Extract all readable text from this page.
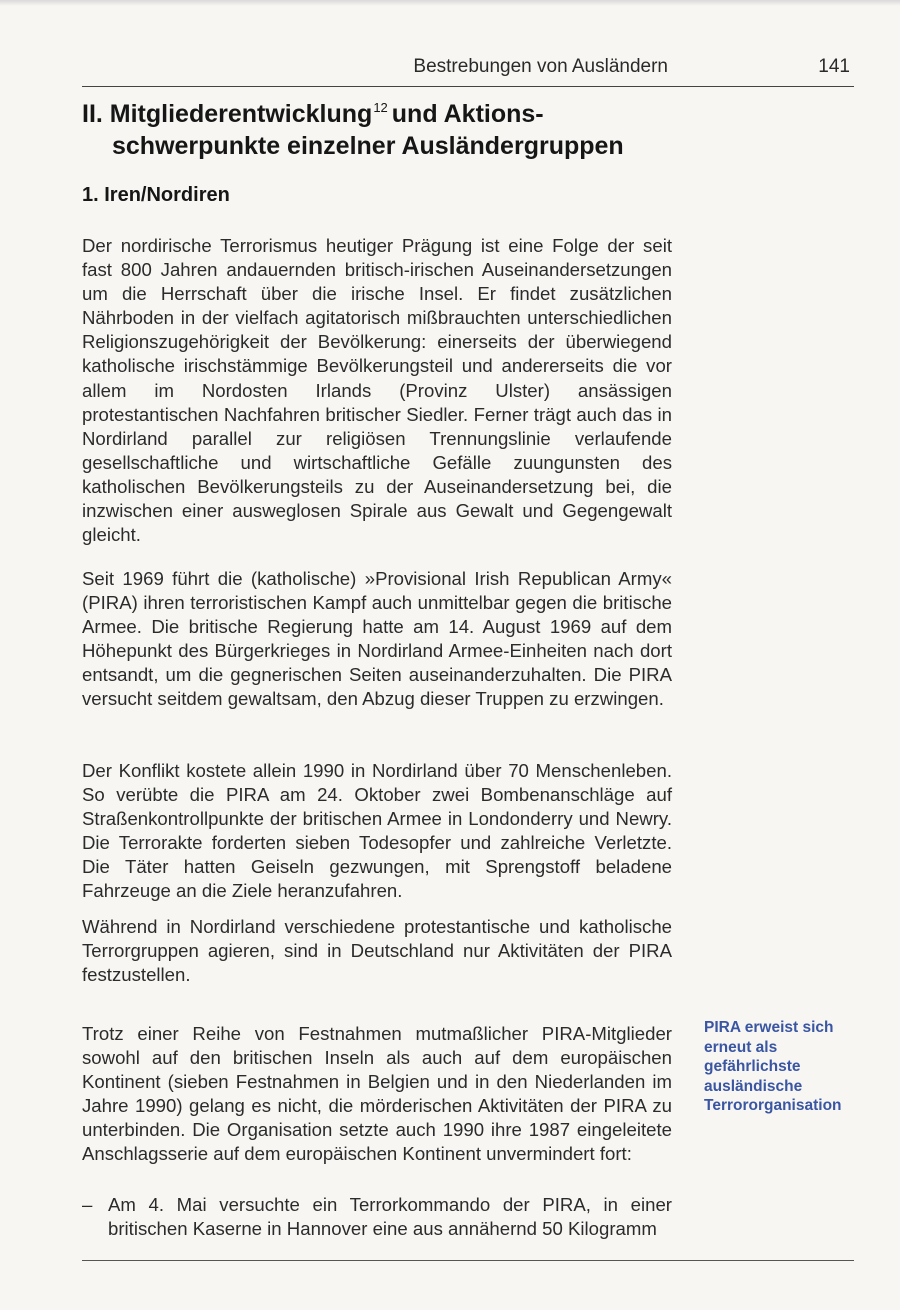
Bestrebungen von Ausländern	141
II. Mitgliederentwicklung$^{12}$ und Aktions-
schwerpunkte einzelner Ausländergruppen
1. Iren/Nordiren

Der nordirische Terrorismus heutiger Prägung ist eine Folge der seit fast 800 Jahren andauernden britisch-irischen Auseinandersetzungen um die Herrschaft über die irische Insel. Er findet zusätzlichen Nährboden in der vielfach agitatorisch mißbrauchten unterschiedlichen Religionszugehörigkeit der Bevölkerung: einerseits der überwiegend katholische irischstämmige Bevölkerungsteil und andererseits die vor allem im Nordosten Irlands (Provinz Ulster) ansässigen protestantischen Nachfahren britischer Siedler. Ferner trägt auch das in Nordirland parallel zur religiösen Trennungslinie verlaufende gesellschaftliche und wirtschaftliche Gefälle zuungunsten des katholischen Bevölkerungsteils zu der Auseinandersetzung bei, die inzwischen einer ausweglosen Spirale aus Gewalt und Gegengewalt gleicht.

Seit 1969 führt die (katholische) »Provisional Irish Republican Army« (PIRA) ihren terroristischen Kampf auch unmittelbar gegen die britische Armee. Die britische Regierung hatte am 14. August 1969 auf dem Höhepunkt des Bürgerkrieges in Nordirland Armee-Einheiten nach dort entsandt, um die gegnerischen Seiten auseinanderzuhalten. Die PIRA versucht seitdem gewaltsam, den Abzug dieser Truppen zu erzwingen.

Der Konflikt kostete allein 1990 in Nordirland über 70 Menschenleben. So verübte die PIRA am 24. Oktober zwei Bombenanschläge auf Straßenkontrollpunkte der britischen Armee in Londonderry und Newry. Die Terrorakte forderten sieben Todesopfer und zahlreiche Verletzte. Die Täter hatten Geiseln gezwungen, mit Sprengstoff beladene Fahrzeuge an die Ziele heranzufahren.

Während in Nordirland verschiedene protestantische und katholische Terrorgruppen agieren, sind in Deutschland nur Aktivitäten der PIRA festzustellen.

Trotz einer Reihe von Festnahmen mutmaßlicher PIRA-Mitglieder sowohl auf den britischen Inseln als auch auf dem europäischen Kontinent (sieben Festnahmen in Belgien und in den Niederlanden im Jahre 1990) gelang es nicht, die mörderischen Aktivitäten der PIRA zu unterbinden. Die Organisation setzte auch 1990 ihre 1987 eingeleitete Anschlagsserie auf dem europäischen Kontinent unvermindert fort:

PIRA erweist sich erneut als gefährlichste ausländische Terrororganisation
– Am 4. Mai versuchte ein Terrorkommando der PIRA, in einer britischen Kaserne in Hannover eine aus annähernd 50 Kilogramm
